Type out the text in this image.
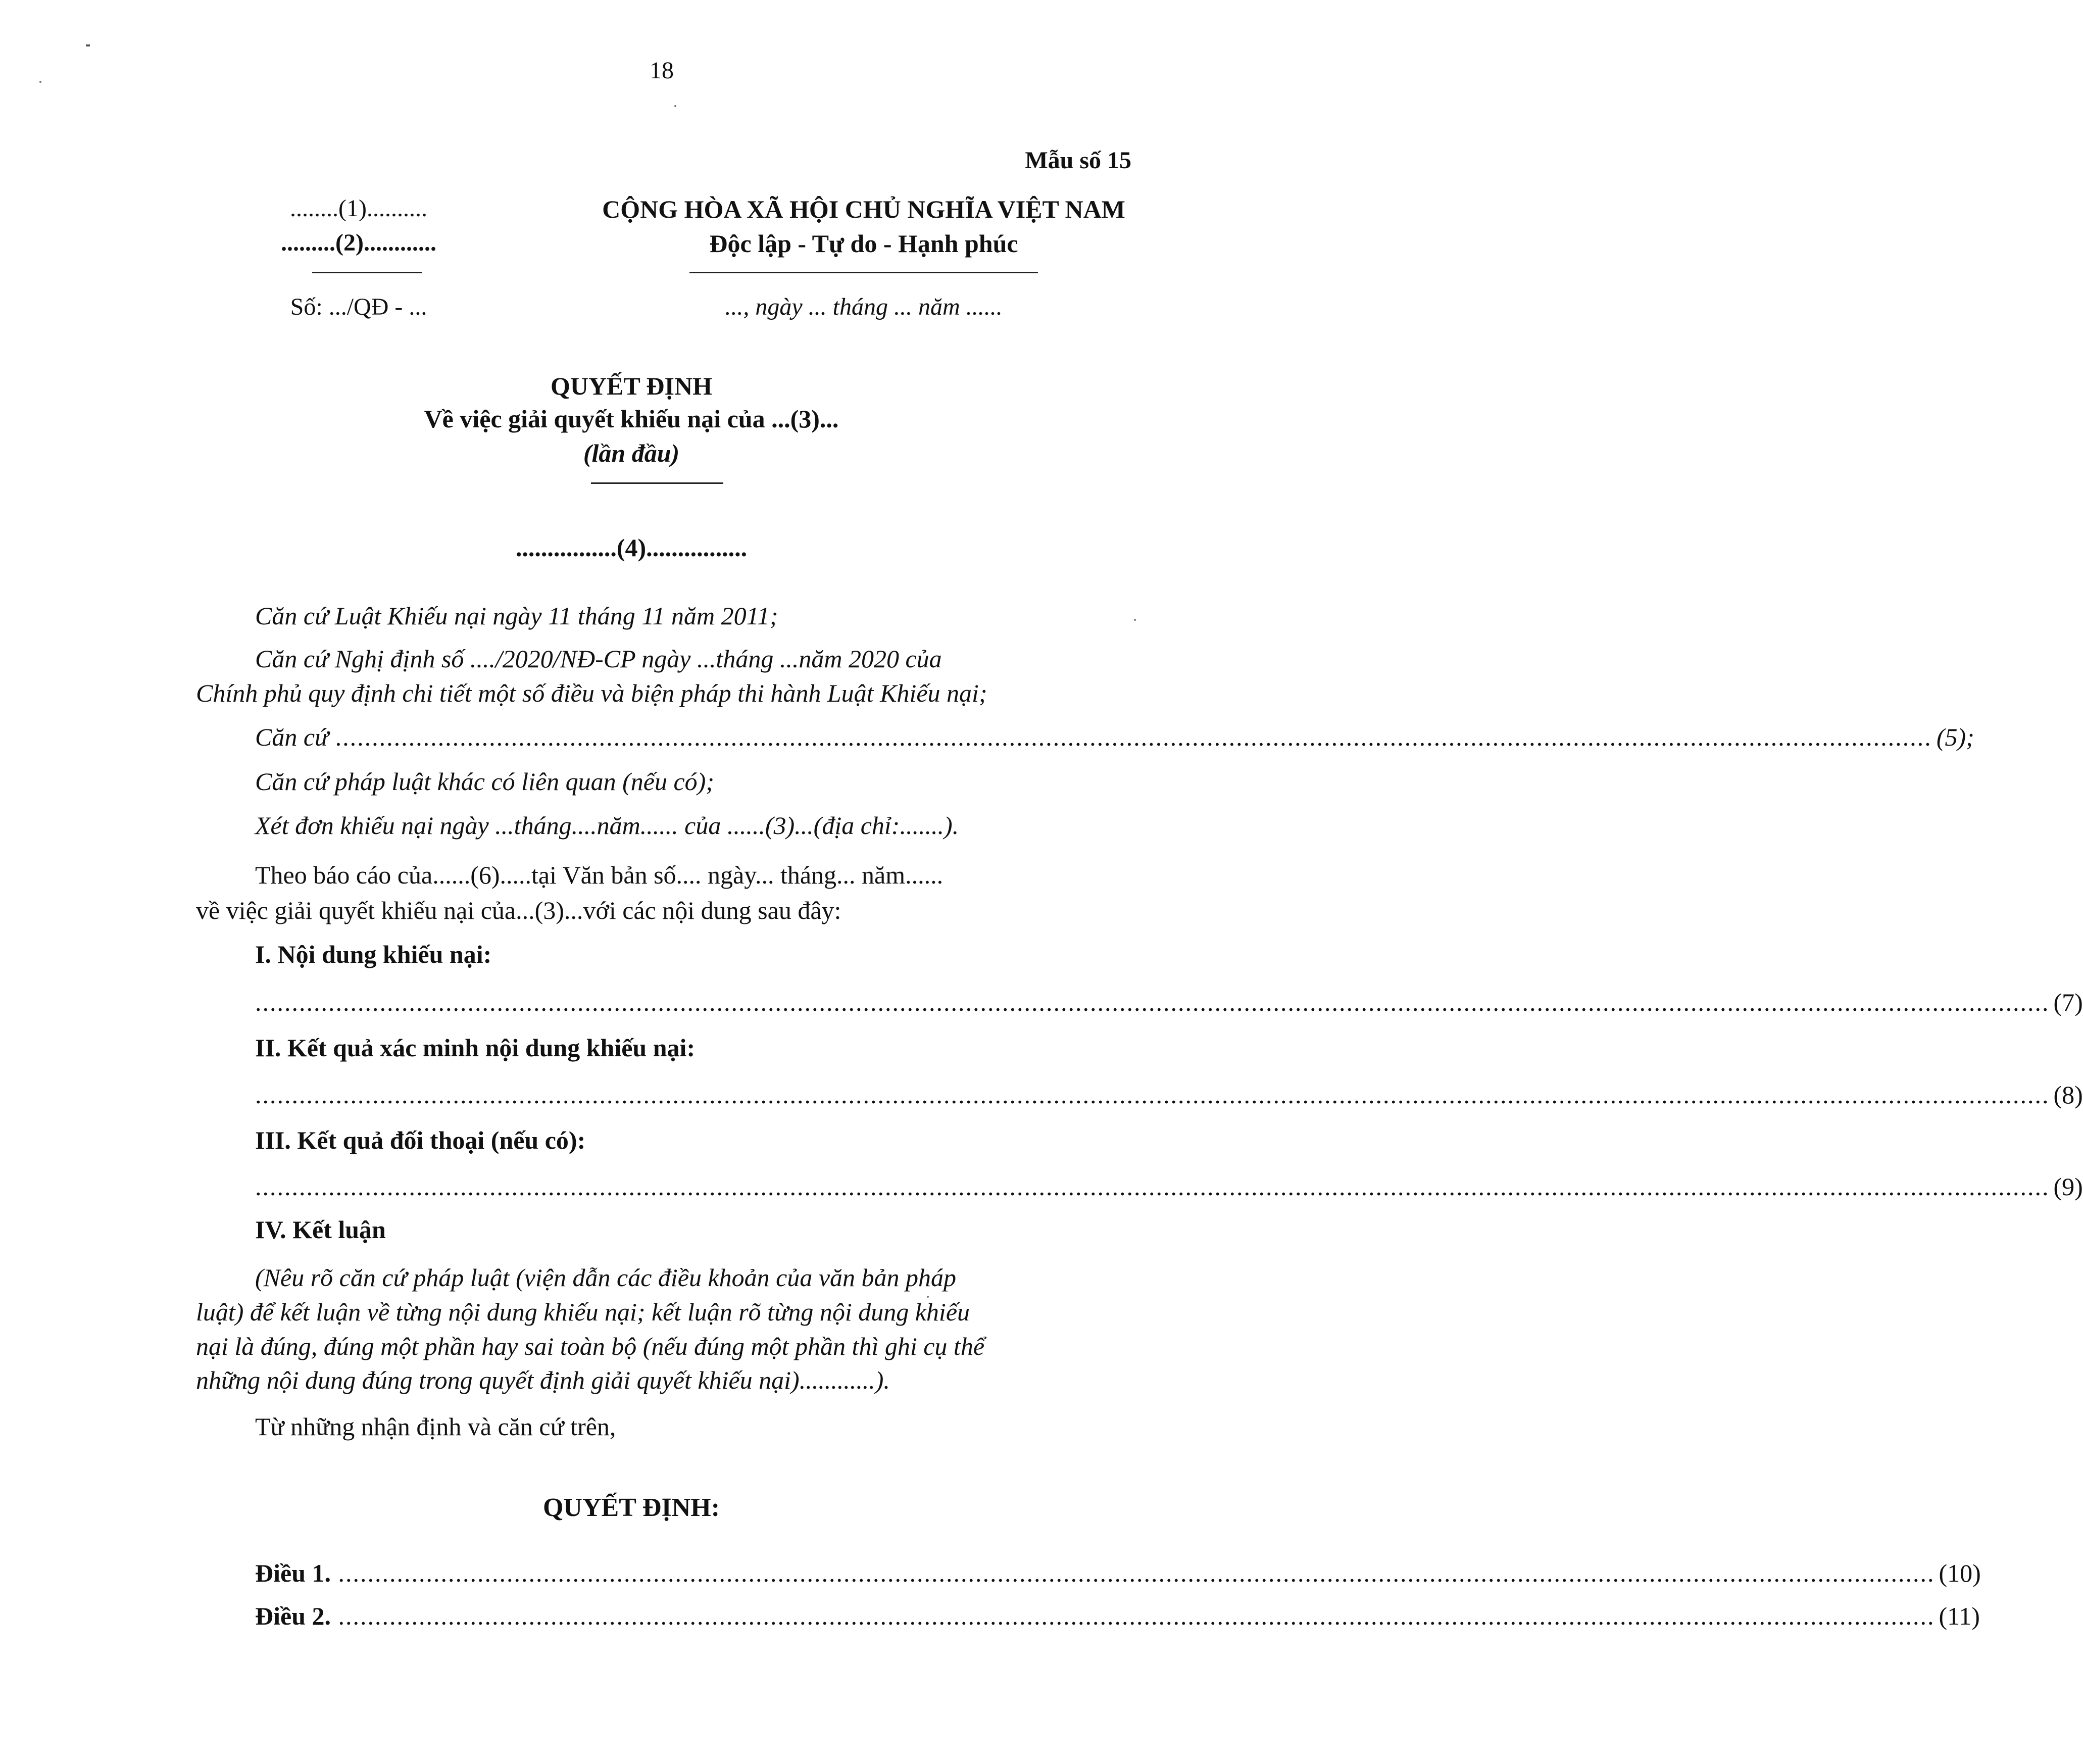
18
Mẫu số 15
........(1)..........
.........(2)............
Số: .../QĐ - ...
CỘNG HÒA XÃ HỘI CHỦ NGHĨA VIỆT NAM
Độc lập - Tự do - Hạnh phúc
..., ngày ... tháng ... năm ......
QUYẾT ĐỊNH
Về việc giải quyết khiếu nại của ...(3)...
(lần đầu)
................(4)................
Căn cứ Luật Khiếu nại ngày 11 tháng 11 năm 2011;
Căn cứ Nghị định số ..../2020/NĐ-CP ngày ...tháng ...năm 2020 của
Chính phủ quy định chi tiết một số điều và biện pháp thi hành Luật Khiếu nại;
Căn cứ .......................................................................................................................................................................................................................... (5);
Căn cứ pháp luật khác có liên quan (nếu có);
Xét đơn khiếu nại ngày ...tháng....năm...... của ......(3)...(địa chỉ:.......).
Theo báo cáo của......(6).....tại Văn bản số.... ngày... tháng... năm......
về việc giải quyết khiếu nại của...(3)...với các nội dung sau đây:
I. Nội dung khiếu nại:
..................................................................................................................................................................................................................................................... (7)
II. Kết quả xác minh nội dung khiếu nại:
..................................................................................................................................................................................................................................................... (8)
III. Kết quả đối thoại (nếu có):
..................................................................................................................................................................................................................................................... (9)
IV. Kết luận
(Nêu rõ căn cứ pháp luật (viện dẫn các điều khoản của văn bản pháp
luật) để kết luận về từng nội dung khiếu nại; kết luận rõ từng nội dung khiếu
nại là đúng, đúng một phần hay sai toàn bộ (nếu đúng một phần thì ghi cụ thể
những nội dung đúng trong quyết định giải quyết khiếu nại)............).
Từ những nhận định và căn cứ trên,
QUYẾT ĐỊNH:
Điều 1. .......................................................................................................................................................................................................................... (10)
Điều 2. .......................................................................................................................................................................................................................... (11)
